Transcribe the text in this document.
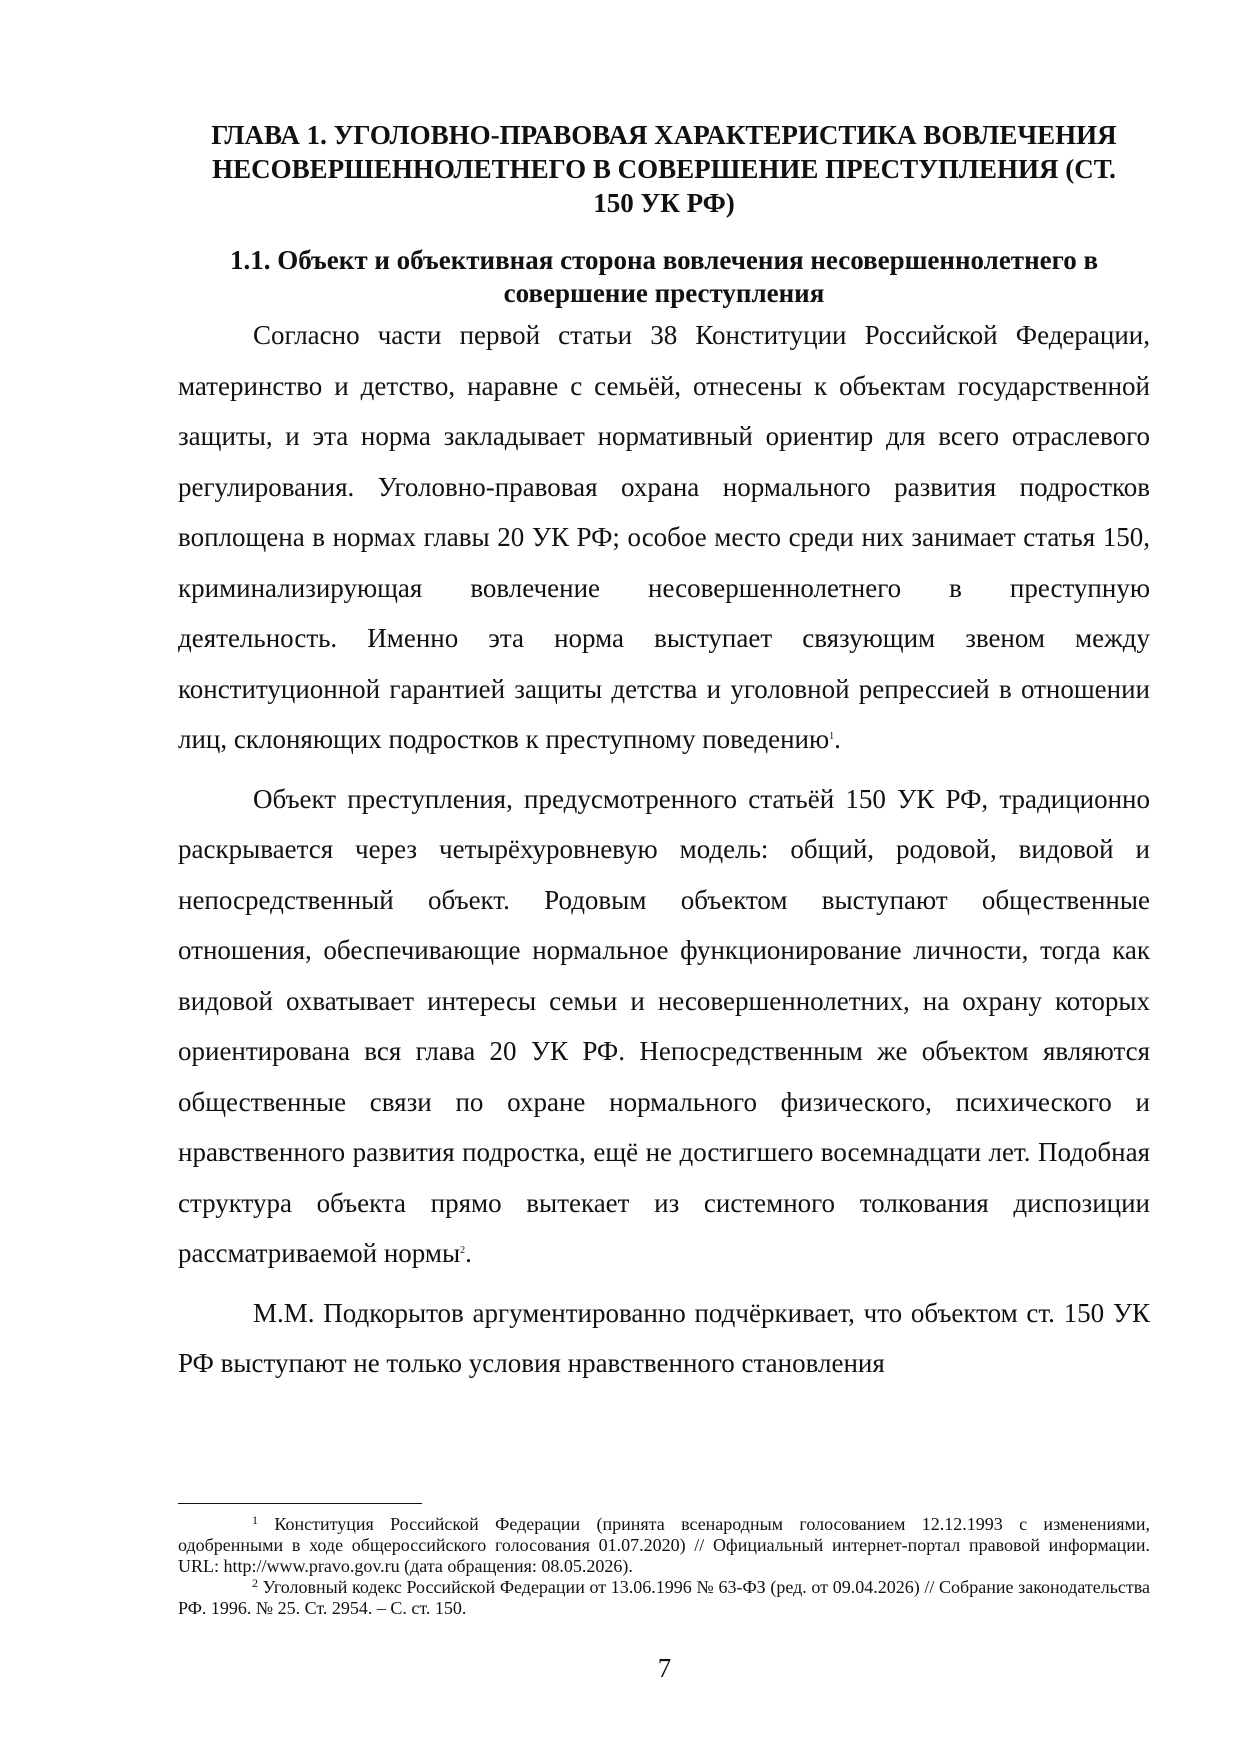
ГЛАВА 1. УГОЛОВНО-ПРАВОВАЯ ХАРАКТЕРИСТИКА ВОВЛЕЧЕНИЯ НЕСОВЕРШЕННОЛЕТНЕГО В СОВЕРШЕНИЕ ПРЕСТУПЛЕНИЯ (СТ. 150 УК РФ)
1.1. Объект и объективная сторона вовлечения несовершеннолетнего в совершение преступления

Согласно части первой статьи 38 Конституции Российской Федерации, материнство и детство, наравне с семьёй, отнесены к объектам государственной защиты, и эта норма закладывает нормативный ориентир для всего отраслевого регулирования. Уголовно-правовая охрана нормального развития подростков воплощена в нормах главы 20 УК РФ; особое место среди них занимает статья 150, криминализирующая вовлечение несовершеннолетнего в преступную деятельность. Именно эта норма выступает связующим звеном между конституционной гарантией защиты детства и уголовной репрессией в отношении лиц, склоняющих подростков к преступному поведению$^1$.

Объект преступления, предусмотренного статьёй 150 УК РФ, традиционно раскрывается через четырёхуровневую модель: общий, родовой, видовой и непосредственный объект. Родовым объектом выступают общественные отношения, обеспечивающие нормальное функционирование личности, тогда как видовой охватывает интересы семьи и несовершеннолетних, на охрану которых ориентирована вся глава 20 УК РФ. Непосредственным же объектом являются общественные связи по охране нормального физического, психического и нравственного развития подростка, ещё не достигшего восемнадцати лет. Подобная структура объекта прямо вытекает из системного толкования диспозиции рассматриваемой нормы$^2$.

М.М. Подкорытов аргументированно подчёркивает, что объектом ст. 150 УК РФ выступают не только условия нравственного становления

$^1$ Конституция Российской Федерации (принята всенародным голосованием 12.12.1993 с изменениями, одобренными в ходе общероссийского голосования 01.07.2020) // Официальный интернет-портал правовой информации. URL: http://www.pravo.gov.ru (дата обращения: 08.05.2026).

$^2$ Уголовный кодекс Российской Федерации от 13.06.1996 № 63-ФЗ (ред. от 09.04.2026) // Собрание законодательства РФ. 1996. № 25. Ст. 2954. – С. ст. 150.

7
